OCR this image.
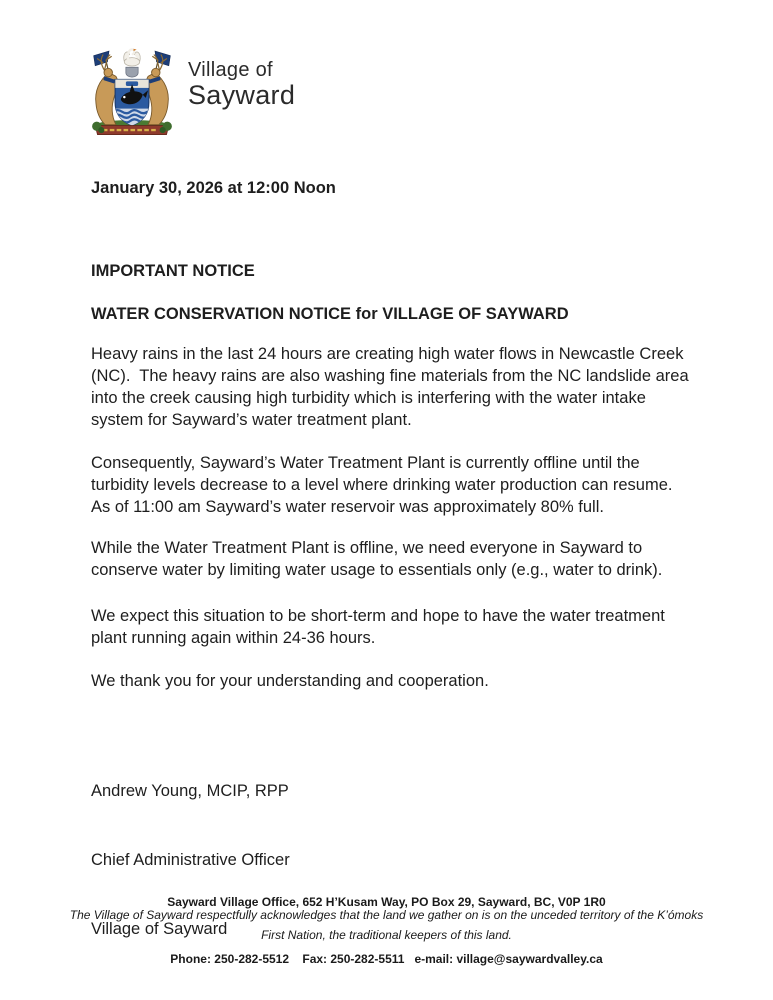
Village of
Sayward
January 30, 2026 at 12:00 Noon
IMPORTANT NOTICE
WATER CONSERVATION NOTICE for VILLAGE OF SAYWARD
Heavy rains in the last 24 hours are creating high water flows in Newcastle Creek (NC).  The heavy rains are also washing fine materials from the NC landslide area into the creek causing high turbidity which is interfering with the water intake system for Sayward’s water treatment plant.
Consequently, Sayward’s Water Treatment Plant is currently offline until the turbidity levels decrease to a level where drinking water production can resume. As of 11:00 am Sayward’s water reservoir was approximately 80% full.
While the Water Treatment Plant is offline, we need everyone in Sayward to conserve water by limiting water usage to essentials only (e.g., water to drink).
We expect this situation to be short-term and hope to have the water treatment plant running again within 24-36 hours.
We thank you for your understanding and cooperation.

Andrew Young, MCIP, RPP

Chief Administrative Officer

Village of Sayward

Sayward Village Office, 652 H’Kusam Way, PO Box 29, Sayward, BC, V0P 1R0

Phone: 250-282-5512    Fax: 250-282-5511   e-mail: village@saywardvalley.ca

The Village of Sayward respectfully acknowledges that the land we gather on is on the unceded territory of the K’ómoks First Nation, the traditional keepers of this land.
